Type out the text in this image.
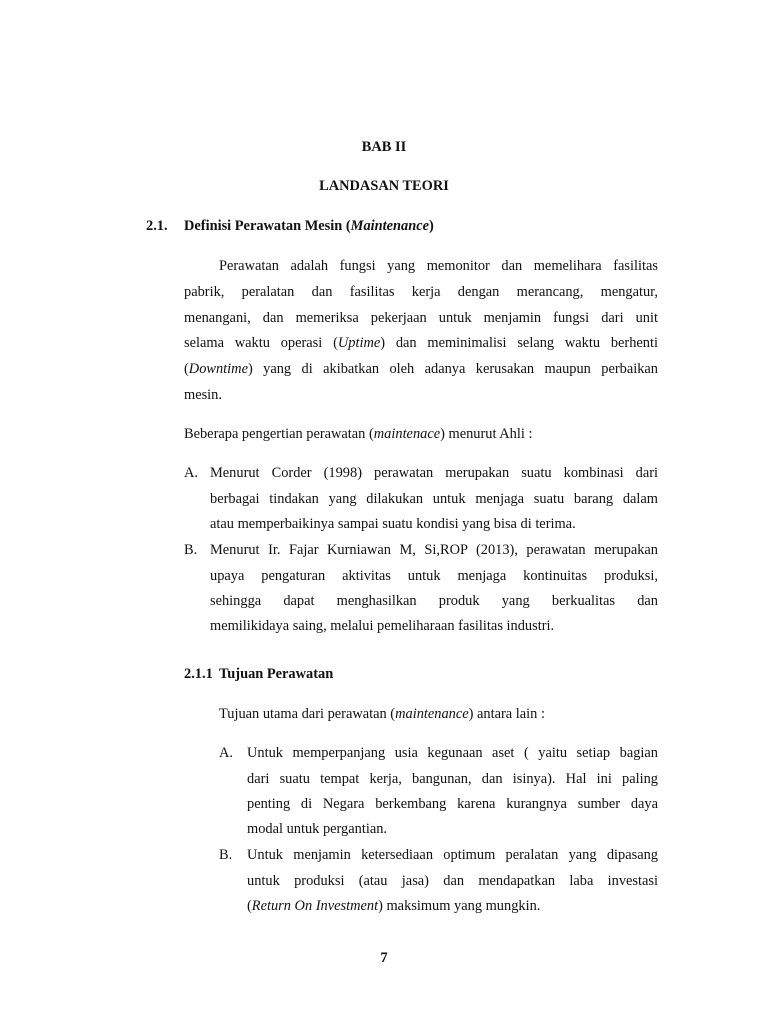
BAB II
LANDASAN TEORI
2.1. Definisi Perawatan Mesin (Maintenance)
Perawatan adalah fungsi yang memonitor dan memelihara fasilitas
pabrik, peralatan dan fasilitas kerja dengan merancang, mengatur,
menangani, dan memeriksa pekerjaan untuk menjamin fungsi dari unit
selama waktu operasi (Uptime) dan meminimalisi selang waktu berhenti
(Downtime) yang di akibatkan oleh adanya kerusakan maupun perbaikan
mesin.
Beberapa pengertian perawatan (maintenace) menurut Ahli :
A. Menurut Corder (1998) perawatan merupakan suatu kombinasi dari
berbagai tindakan yang dilakukan untuk menjaga suatu barang dalam
atau memperbaikinya sampai suatu kondisi yang bisa di terima.
B. Menurut Ir. Fajar Kurniawan M, Si,ROP (2013), perawatan merupakan
upaya pengaturan aktivitas untuk menjaga kontinuitas produksi,
sehingga dapat menghasilkan produk yang berkualitas dan
memilikidaya saing, melalui pemeliharaan fasilitas industri.
2.1.1 Tujuan Perawatan
Tujuan utama dari perawatan (maintenance) antara lain :
A. Untuk memperpanjang usia kegunaan aset ( yaitu setiap bagian
dari suatu tempat kerja, bangunan, dan isinya). Hal ini paling
penting di Negara berkembang karena kurangnya sumber daya
modal untuk pergantian.
B. Untuk menjamin ketersediaan optimum peralatan yang dipasang
untuk produksi (atau jasa) dan mendapatkan laba investasi
(Return On Investment) maksimum yang mungkin.
7
